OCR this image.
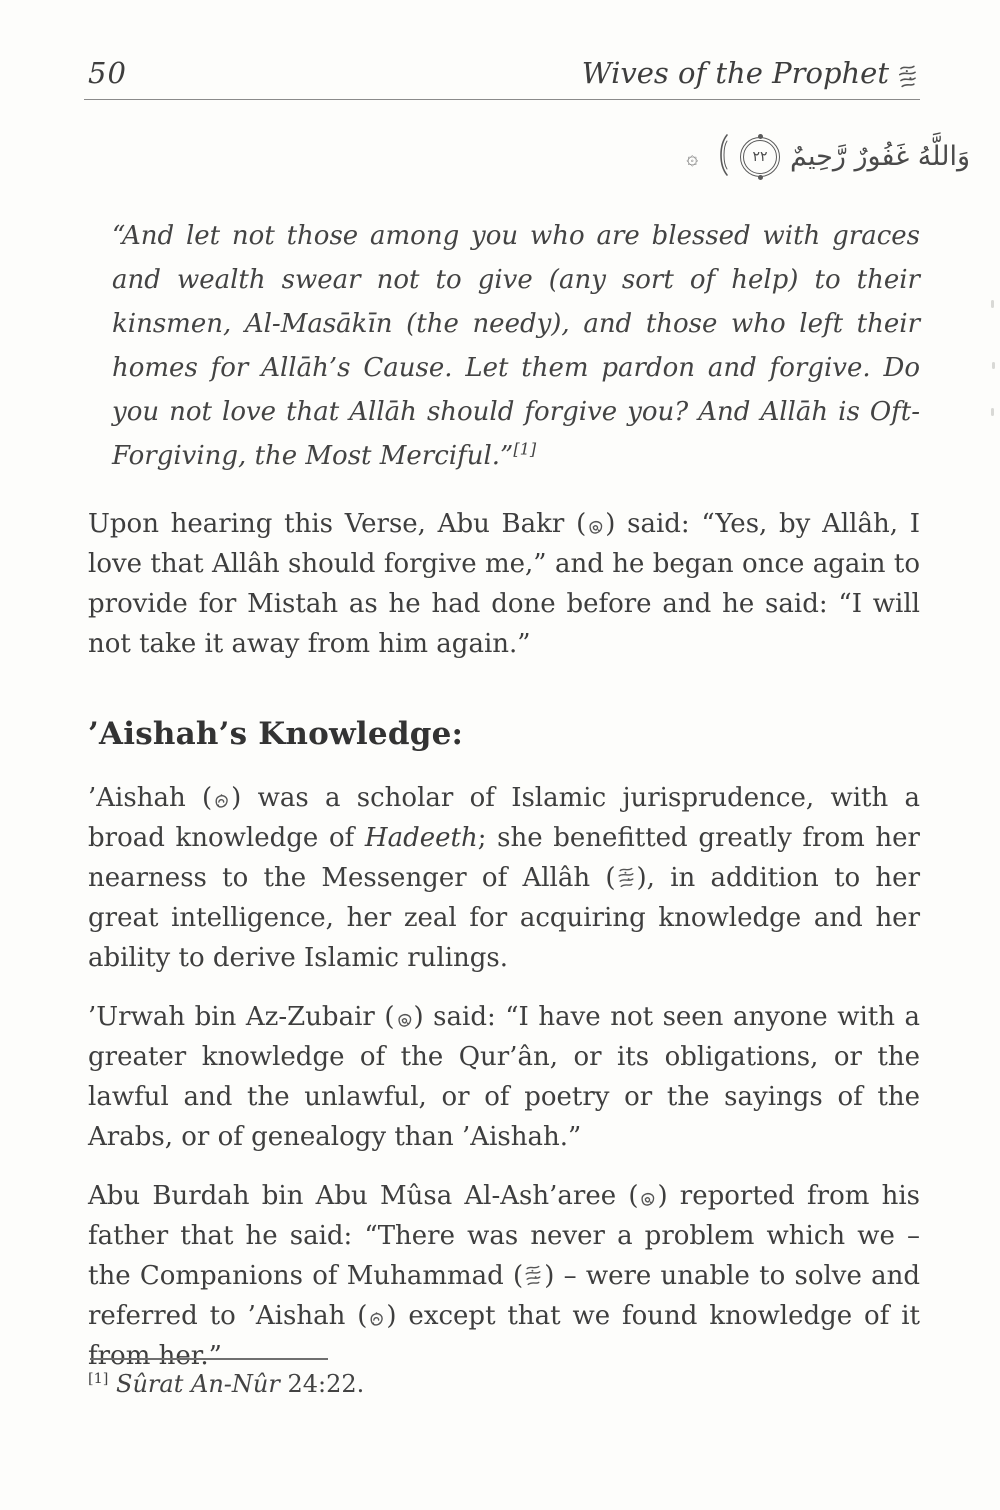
50	Wives of the Prophet
وَاللَّهُ غَفُورٌ رَّحِيمٌ
٢٢
۞

“And let not those among you who are blessed with graces and wealth swear not to give (any sort of help) to their kinsmen, Al-Masākīn (the needy), and those who left their homes for Allāh’s Cause. Let them pardon and forgive. Do you not love that Allāh should forgive you? And Allāh is Oft-Forgiving, the Most Merciful.”[1]

Upon hearing this Verse, Abu Bakr ( ) said: “Yes, by Allâh, I love that Allâh should forgive me,” and he began once again to provide for Mistah as he had done before and he said: “I will not take it away from him again.”

’Aishah’s Knowledge:

’Aishah ( ) was a scholar of Islamic jurisprudence, with a broad knowledge of Hadeeth; she benefitted greatly from her nearness to the Messenger of Allâh ( ), in addition to her great intelligence, her zeal for acquiring knowledge and her ability to derive Islamic rulings.

’Urwah bin Az-Zubair ( ) said: “I have not seen anyone with a greater knowledge of the Qur’ân, or its obligations, or the lawful and the unlawful, or of poetry or the sayings of the Arabs, or of genealogy than ’Aishah.”

Abu Burdah bin Abu Mûsa Al-Ash’aree ( ) reported from his father that he said: “There was never a problem which we – the Companions of Muhammad ( ) – were unable to solve and referred to ’Aishah ( ) except that we found knowledge of it from her.”

[1] Sûrat An-Nûr 24:22.
